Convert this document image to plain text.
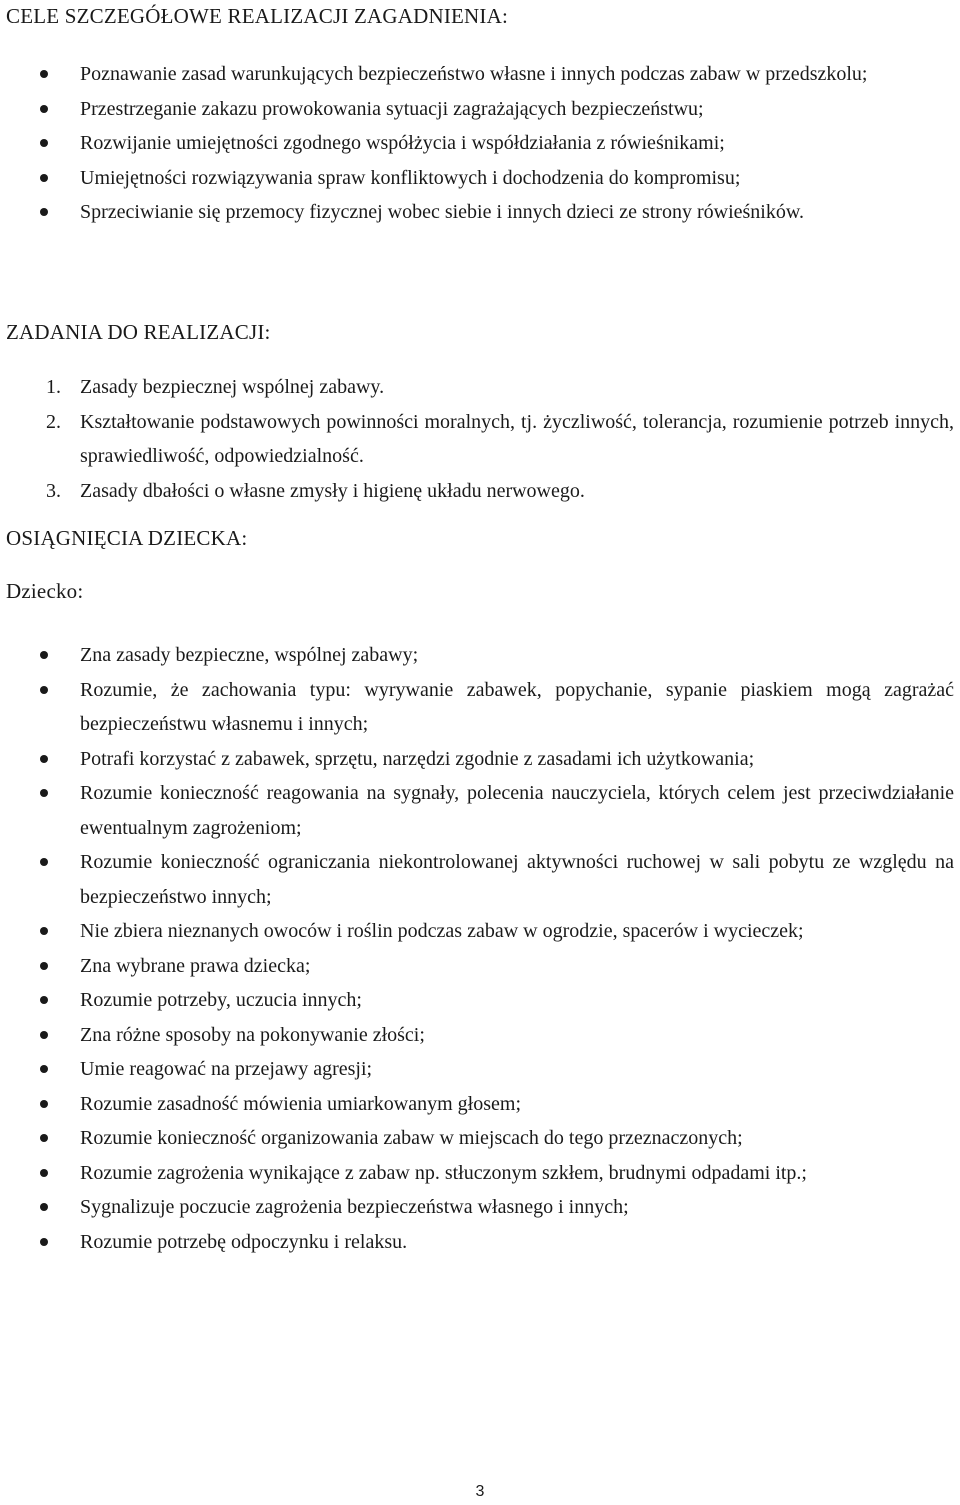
CELE SZCZEGÓŁOWE REALIZACJI ZAGADNIENIA:
Poznawanie zasad warunkujących bezpieczeństwo własne i innych podczas zabaw w przedszkolu;
Przestrzeganie zakazu prowokowania sytuacji zagrażających bezpieczeństwu;
Rozwijanie umiejętności zgodnego współżycia i współdziałania z rówieśnikami;
Umiejętności rozwiązywania spraw konfliktowych i dochodzenia do kompromisu;
Sprzeciwianie się przemocy fizycznej wobec siebie i innych dzieci ze strony rówieśników.
ZADANIA DO REALIZACJI:
1. Zasady bezpiecznej wspólnej zabawy.
2. Kształtowanie podstawowych powinności moralnych, tj. życzliwość, tolerancja, rozumienie potrzeb innych, sprawiedliwość, odpowiedzialność.
3. Zasady dbałości o własne zmysły i higienę układu nerwowego.
OSIĄGNIĘCIA DZIECKA:
Dziecko:
Zna zasady bezpieczne, wspólnej zabawy;
Rozumie, że zachowania typu: wyrywanie zabawek, popychanie, sypanie piaskiem mogą zagrażać bezpieczeństwu własnemu i innych;
Potrafi korzystać z zabawek, sprzętu, narzędzi zgodnie z zasadami ich użytkowania;
Rozumie konieczność reagowania na sygnały, polecenia nauczyciela, których celem jest przeciwdziałanie ewentualnym zagrożeniom;
Rozumie konieczność ograniczania niekontrolowanej aktywności ruchowej w sali pobytu ze względu na bezpieczeństwo innych;
Nie zbiera nieznanych owoców i roślin podczas zabaw w ogrodzie, spacerów i wycieczek;
Zna wybrane prawa dziecka;
Rozumie potrzeby, uczucia innych;
Zna różne sposoby na pokonywanie złości;
Umie reagować na przejawy agresji;
Rozumie zasadność mówienia umiarkowanym głosem;
Rozumie konieczność organizowania zabaw w miejscach do tego przeznaczonych;
Rozumie zagrożenia wynikające z zabaw np. stłuczonym szkłem, brudnymi odpadami itp.;
Sygnalizuje poczucie zagrożenia bezpieczeństwa własnego i innych;
Rozumie potrzebę odpoczynku i relaksu.
3
